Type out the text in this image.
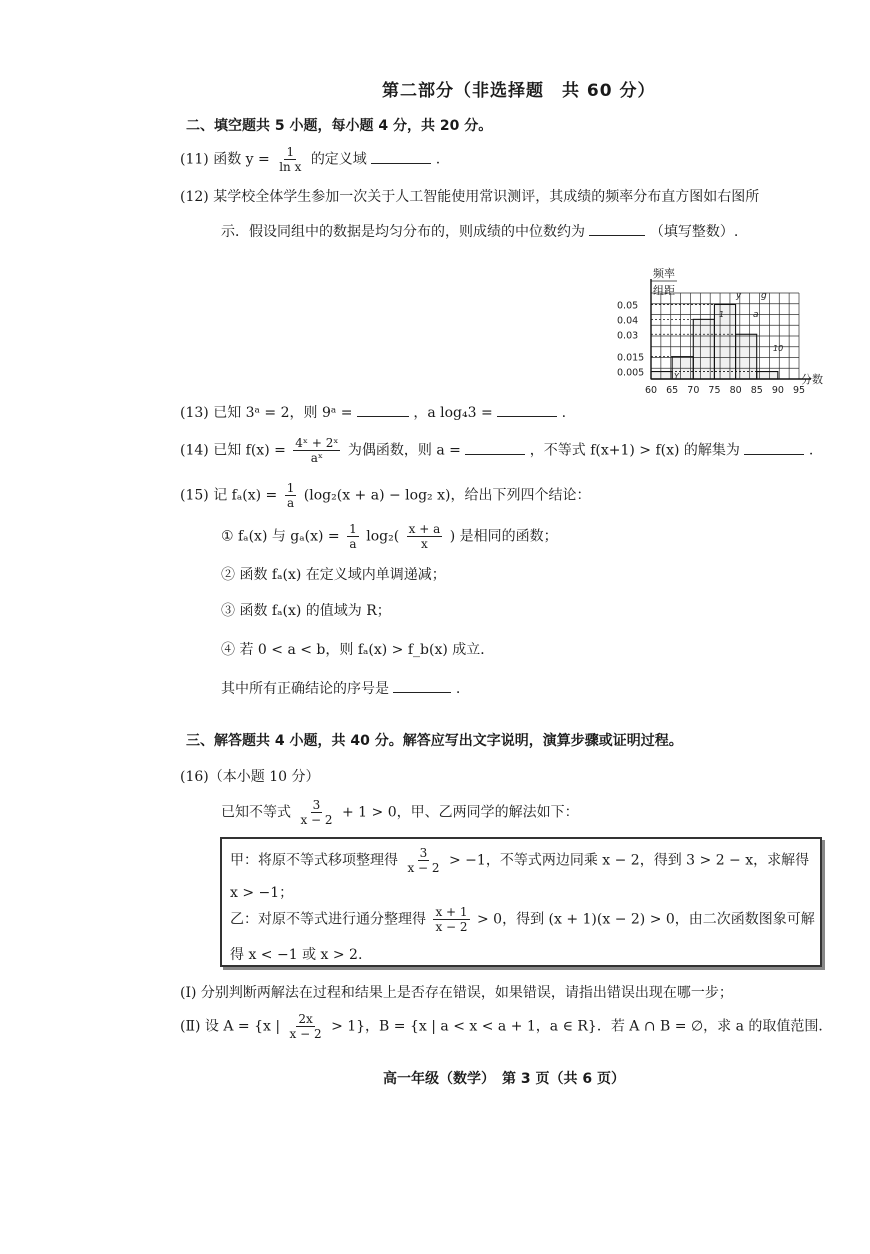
第二部分（非选择题　共 60 分）
二、填空题共 5 小题，每小题 4 分，共 20 分。
(11) 函数 $y = \frac{1}{\text{ln x}}$ 的定义域	.
(12) 某学校全体学生参加一次关于人工智能使用常识测评，其成绩的频率分布直方图如右图所
示．假设同组中的数据是均匀分布的，则成绩的中位数约为	（填写整数）.
频率
组距
0.05
0.04
0.03
0.015
0.005
60 65 70 75 80 85 90 95
分数
y g
a
10
1
Y
(13) 已知 3ᵃ = 2，则 9ᵃ =	，a log₄3 =	.
(14) 已知 $f(x) = \frac{\text{4ˣ + 2ˣ}}{\text{aˣ}}$ 为偶函数，则 a =	，不等式 f(x+1) > f(x) 的解集为	.
(15) 记 $f_a(x) = \frac{1}{a} (\log_2(x + a) - \log_2$ x)，给出下列四个结论：
① fₐ(x) 与 $g_a(x) = \frac{1}{a} \log_2( \frac{x + a}{x}$ ) 是相同的函数；
② 函数 fₐ(x) 在定义域内单调递减；
③ 函数 fₐ(x) 的值域为 R；
④ 若 0 < a < b，则 fₐ(x) > f_b(x) 成立．
其中所有正确结论的序号是	.
三、解答题共 4 小题，共 40 分。解答应写出文字说明，演算步骤或证明过程。
(16)（本小题 10 分）
已知不等式 $\frac{3}{x - 2} + 1 > 0$，甲、乙两同学的解法如下：
甲：将原不等式移项整理得 $\frac{3}{x - 2} > -1$，不等式两边同乘 x − 2，得到 3 > 2 − x，求解得
x > −1；
乙：对原不等式进行通分整理得 $\frac{x + 1}{x - 2} > 0$，得到 (x + 1)(x − 2) > 0，由二次函数图象可解
得 x < −1 或 x > 2.
(Ⅰ) 分别判断两解法在过程和结果上是否存在错误，如果错误，请指出错误出现在哪一步；
(Ⅱ) 设 A = {x | $\frac{2x}{x - 2} > 1$}，B = {x | a < x < a + 1，a ∈ R}．若 A ∩ B = ∅，求 a 的取值范围．
高一年级（数学）　第 3 页（共 6 页）
